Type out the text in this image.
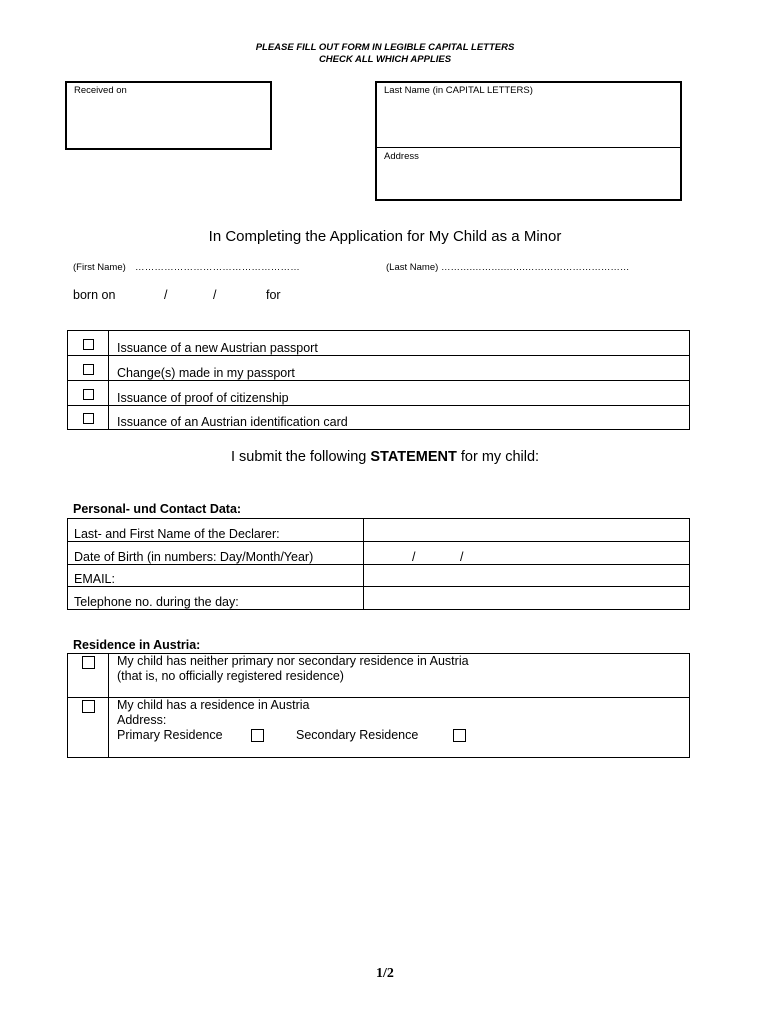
PLEASE FILL OUT FORM IN LEGIBLE CAPITAL LETTERS
CHECK ALL WHICH APPLIES
Received on	Last Name (in CAPITAL LETTERS)
Address
In Completing the Application for My Child as a Minor
(First Name) ……………………………………………	(Last Name) ……….……….…….……………………………
born on	/	/	for
	Issuance of a new Austrian passport
	Change(s) made in my passport
	Issuance of proof of citizenship
	Issuance of an Austrian identification card
I submit the following STATEMENT for my child:
Personal- und Contact Data:
Last- and First Name of the Declarer:	
Date of Birth (in numbers: Day/Month/Year)	/ /

EMAIL:	
Telephone no. during the day:	
Residence in Austria:

	My child has neither primary nor secondary residence in Austria
(that is, no officially registered residence)

	My child has a residence in Austria
Address:
Primary Residence Secondary Residence
1/2
